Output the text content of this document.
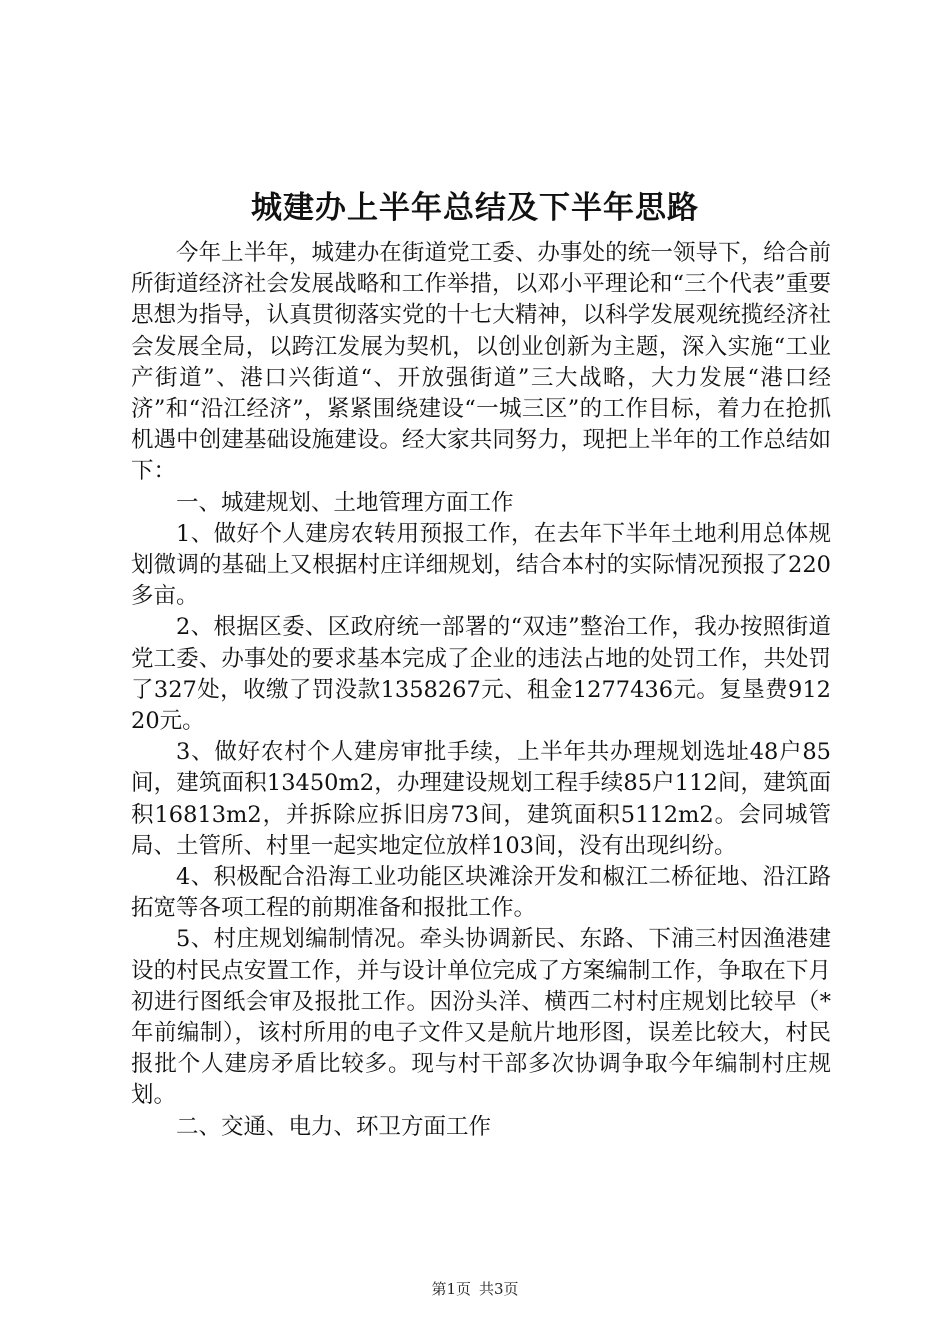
城建办上半年总结及下半年思路

今年上半年，城建办在街道党工委、办事处的统一领导下，给合前所街道经济社会发展战略和工作举措，以邓小平理论和“三个代表”重要思想为指导，认真贯彻落实党的十七大精神，以科学发展观统揽经济社会发展全局，以跨江发展为契机，以创业创新为主题，深入实施“工业产街道”、港口兴街道“、开放强街道”三大战略，大力发展“港口经济”和“沿江经济”，紧紧围绕建设“一城三区”的工作目标，着力在抢抓机遇中创建基础设施建设。经大家共同努力，现把上半年的工作总结如下：

一、城建规划、土地管理方面工作

1、做好个人建房农转用预报工作，在去年下半年土地利用总体规划微调的基础上又根据村庄详细规划，结合本村的实际情况预报了220多亩。

2、根据区委、区政府统一部署的“双违”整治工作，我办按照街道党工委、办事处的要求基本完成了企业的违法占地的处罚工作，共处罚了327处，收缴了罚没款1358267元、租金1277436元。复垦费91220元。

3、做好农村个人建房审批手续，上半年共办理规划选址48户85间，建筑面积13450m2，办理建设规划工程手续85户112间，建筑面积16813m2，并拆除应拆旧房73间，建筑面积5112m2。会同城管局、土管所、村里一起实地定位放样103间，没有出现纠纷。

4、积极配合沿海工业功能区块滩涂开发和椒江二桥征地、沿江路拓宽等各项工程的前期准备和报批工作。

5、村庄规划编制情况。牵头协调新民、东路、下浦三村因渔港建设的村民点安置工作，并与设计单位完成了方案编制工作，争取在下月初进行图纸会审及报批工作。因汾头洋、横西二村村庄规划比较早（*年前编制），该村所用的电子文件又是航片地形图，误差比较大，村民报批个人建房矛盾比较多。现与村干部多次协调争取今年编制村庄规划。

二、交通、电力、环卫方面工作

第1页 共3页
